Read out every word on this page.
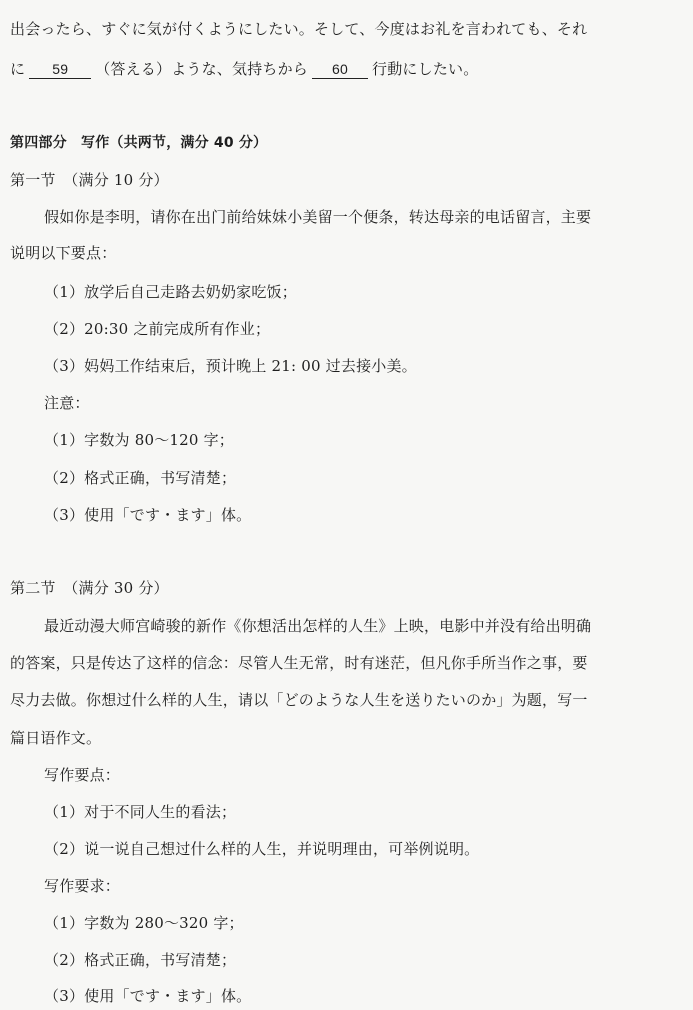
出会ったら、すぐに気が付くようにしたい。そして、今度はお礼を言われても、それ
に 59 （答える）ような、気持ちから 60 行動にしたい。
第四部分　写作（共两节，满分 40 分）
第一节　（满分 10 分）
假如你是李明，请你在出门前给妹妹小美留一个便条，转达母亲的电话留言，主要
说明以下要点：
（1）放学后自己走路去奶奶家吃饭；
（2）20:30 之前完成所有作业；
（3）妈妈工作结束后，预计晚上 21: 00 过去接小美。
注意：
（1）字数为 80～120 字；
（2）格式正确，书写清楚；
（3）使用「です・ます」体。
第二节　（满分 30 分）
最近动漫大师宫崎骏的新作《你想活出怎样的人生》上映，电影中并没有给出明确
的答案，只是传达了这样的信念：尽管人生无常，时有迷茫，但凡你手所当作之事，要
尽力去做。你想过什么样的人生，请以「どのような人生を送りたいのか」为题，写一
篇日语作文。
写作要点：
（1）对于不同人生的看法；
（2）说一说自己想过什么样的人生，并说明理由，可举例说明。
写作要求：
（1）字数为 280～320 字；
（2）格式正确，书写清楚；
（3）使用「です・ます」体。
